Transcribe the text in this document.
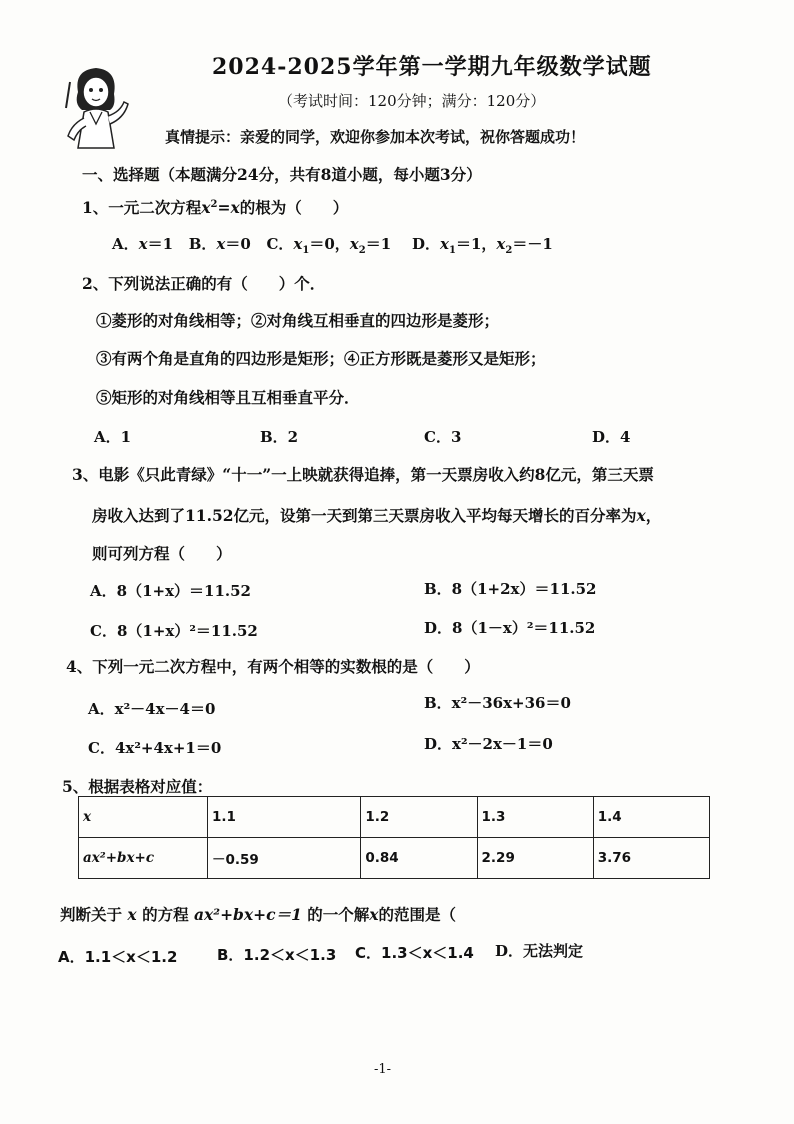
2024-2025学年第一学期九年级数学试题
（考试时间：120分钟；满分：120分）
真情提示：亲爱的同学，欢迎你参加本次考试，祝你答题成功！
一、选择题（本题满分24分，共有8道小题，每小题3分）
1、一元二次方程$x^2=x$的根为（　　）
A．x＝1   B．x＝0   C．$x_1=0$，$x_2=1$    D．$x_1=1$，$x_2=-1$
2、下列说法正确的有（　　）个．
①菱形的对角线相等；②对角线互相垂直的四边形是菱形；
③有两个角是直角的四边形是矩形；④正方形既是菱形又是矩形；
⑤矩形的对角线相等且互相垂直平分．
A．1	B．2	C．3	D．4
3、电影《只此青绿》“十一”一上映就获得追捧，第一天票房收入约8亿元，第三天票
房收入达到了11.52亿元，设第一天到第三天票房收入平均每天增长的百分率为x，
则可列方程（　　）
A．8（1+x）＝11.52	B．8（1+2x）＝11.52
C．8（1+x）²＝11.52	D．8（1－x）²＝11.52
4、下列一元二次方程中，有两个相等的实数根的是（　　）
A．x²－4x－4＝0	B．x²－36x+36＝0
C．4x²+4x+1＝0	D．x²－2x－1＝0
5、根据表格对应值：
x	1.1	1.2	1.3	1.4
ax²+bx+c	－0.59	0.84	2.29	3.76
判断关于 x 的方程 ax²+bx+c＝1 的一个解x的范围是（
A．1.1＜x＜1.2	B．1.2＜x＜1.3 C．1.3＜x＜1.4 D．无法判定
-1-
